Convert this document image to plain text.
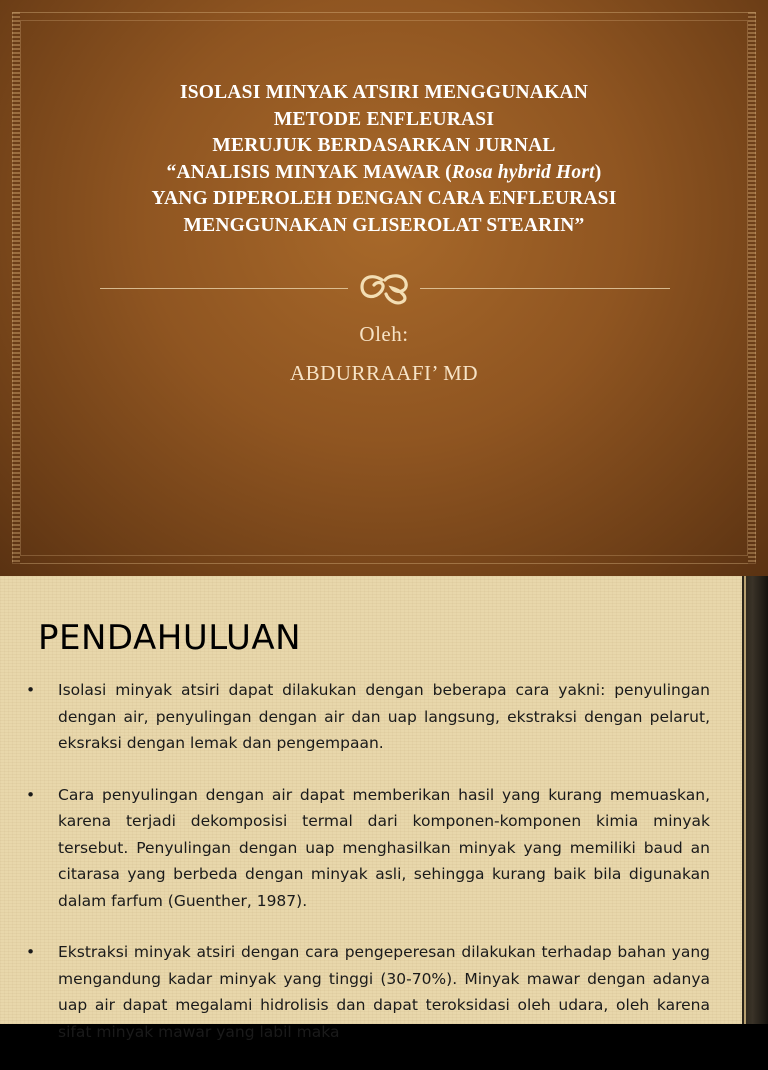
ISOLASI MINYAK ATSIRI MENGGUNAKAN
METODE ENFLEURASI
MERUJUK BERDASARKAN JURNAL
“ANALISIS MINYAK MAWAR (Rosa hybrid Hort)
YANG DIPEROLEH DENGAN CARA ENFLEURASI
MENGGUNAKAN GLISEROLAT STEARIN”
Oleh:
ABDURRAAFI’ MD
PENDAHULUAN
• Isolasi minyak atsiri dapat dilakukan dengan beberapa cara yakni: penyulingan dengan air, penyulingan dengan air dan uap langsung, ekstraksi dengan pelarut, eksraksi dengan lemak dan pengempaan.
• Cara penyulingan dengan air dapat memberikan hasil yang kurang memuaskan, karena terjadi dekomposisi termal dari komponen-komponen kimia minyak tersebut. Penyulingan dengan uap menghasilkan minyak yang memiliki baud an citarasa yang berbeda dengan minyak asli, sehingga kurang baik bila digunakan dalam farfum (Guenther, 1987).
• Ekstraksi minyak atsiri dengan cara pengeperesan dilakukan terhadap bahan yang mengandung kadar minyak yang tinggi (30-70%). Minyak mawar dengan adanya uap air dapat megalami hidrolisis dan dapat teroksidasi oleh udara, oleh karena sifat minyak mawar yang labil maka
